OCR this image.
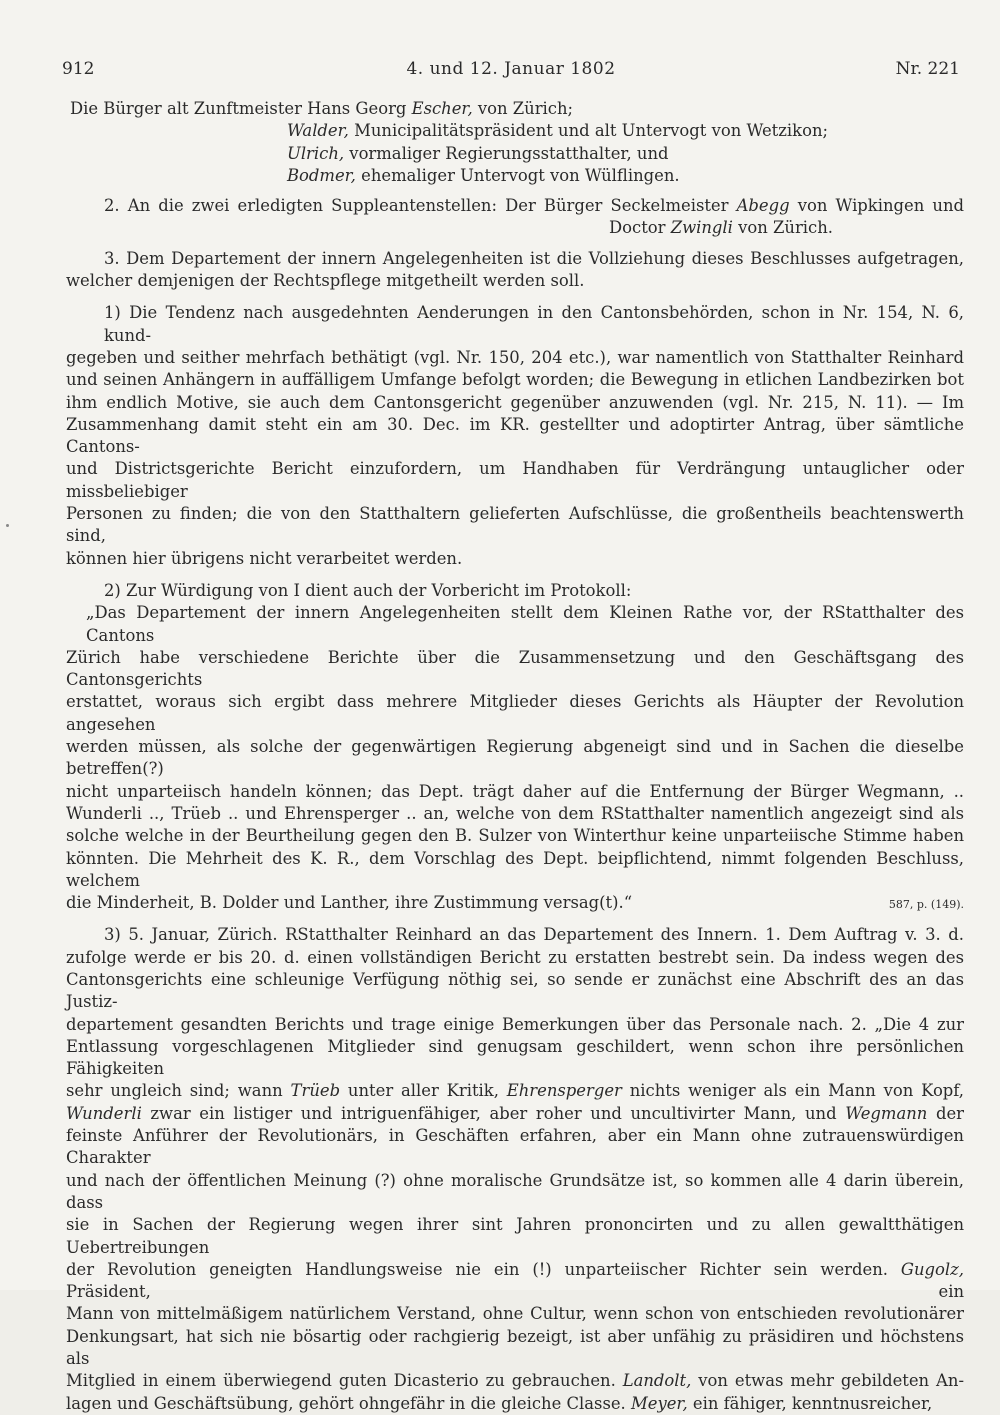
912	4. und 12. Januar 1802	Nr. 221

Die Bürger alt Zunftmeister Hans Georg Escher, von Zürich;

Walder, Municipalitätspräsident und alt Untervogt von Wetzikon;

Ulrich, vormaliger Regierungsstatthalter, und

Bodmer, ehemaliger Untervogt von Wülflingen.

2. An die zwei erledigten Suppleantenstellen: Der Bürger Seckelmeister Abegg von Wipkingen und

Doctor Zwingli von Zürich.

3. Dem Departement der innern Angelegenheiten ist die Vollziehung dieses Beschlusses aufgetragen,

welcher demjenigen der Rechtspflege mitgetheilt werden soll.

1) Die Tendenz nach ausgedehnten Aenderungen in den Cantonsbehörden, schon in Nr. 154, N. 6, kund-

gegeben und seither mehrfach bethätigt (vgl. Nr. 150, 204 etc.), war namentlich von Statthalter Reinhard

und seinen Anhängern in auffälligem Umfange befolgt worden; die Bewegung in etlichen Landbezirken bot

ihm endlich Motive, sie auch dem Cantonsgericht gegenüber anzuwenden (vgl. Nr. 215, N. 11). — Im

Zusammenhang damit steht ein am 30. Dec. im KR. gestellter und adoptirter Antrag, über sämtliche Cantons-

und Districtsgerichte Bericht einzufordern, um Handhaben für Verdrängung untauglicher oder missbeliebiger

Personen zu finden; die von den Statthaltern gelieferten Aufschlüsse, die großentheils beachtenswerth sind,

können hier übrigens nicht verarbeitet werden.

2) Zur Würdigung von I dient auch der Vorbericht im Protokoll:

„Das Departement der innern Angelegenheiten stellt dem Kleinen Rathe vor, der RStatthalter des Cantons

Zürich habe verschiedene Berichte über die Zusammensetzung und den Geschäftsgang des Cantonsgerichts

erstattet, woraus sich ergibt dass mehrere Mitglieder dieses Gerichts als Häupter der Revolution angesehen

werden müssen, als solche der gegenwärtigen Regierung abgeneigt sind und in Sachen die dieselbe betreffen(?)

nicht unparteiisch handeln können; das Dept. trägt daher auf die Entfernung der Bürger Wegmann, ..

Wunderli .., Trüeb .. und Ehrensperger .. an, welche von dem RStatthalter namentlich angezeigt sind als

solche welche in der Beurtheilung gegen den B. Sulzer von Winterthur keine unparteiische Stimme haben

könnten. Die Mehrheit des K. R., dem Vorschlag des Dept. beipflichtend, nimmt folgenden Beschluss, welchem

die Minderheit, B. Dolder und Lanther, ihre Zustimmung versag(t).“	587, p. (149).

3) 5. Januar, Zürich. RStatthalter Reinhard an das Departement des Innern. 1. Dem Auftrag v. 3. d.

zufolge werde er bis 20. d. einen vollständigen Bericht zu erstatten bestrebt sein. Da indess wegen des

Cantonsgerichts eine schleunige Verfügung nöthig sei, so sende er zunächst eine Abschrift des an das Justiz-

departement gesandten Berichts und trage einige Bemerkungen über das Personale nach. 2. „Die 4 zur

Entlassung vorgeschlagenen Mitglieder sind genugsam geschildert, wenn schon ihre persönlichen Fähigkeiten

sehr ungleich sind; wann Trüeb unter aller Kritik, Ehrensperger nichts weniger als ein Mann von Kopf,

Wunderli zwar ein listiger und intriguenfähiger, aber roher und uncultivirter Mann, und Wegmann der

feinste Anführer der Revolutionärs, in Geschäften erfahren, aber ein Mann ohne zutrauenswürdigen Charakter

und nach der öffentlichen Meinung (?) ohne moralische Grundsätze ist, so kommen alle 4 darin überein, dass

sie in Sachen der Regierung wegen ihrer sint Jahren prononcirten und zu allen gewaltthätigen Uebertreibungen

der Revolution geneigten Handlungsweise nie ein (!) unparteiischer Richter sein werden. Gugolz, Präsident, ein

Mann von mittelmäßigem natürlichem Verstand, ohne Cultur, wenn schon von entschieden revolutionärer

Denkungsart, hat sich nie bösartig oder rachgierig bezeigt, ist aber unfähig zu präsidiren und höchstens als

Mitglied in einem überwiegend guten Dicasterio zu gebrauchen. Landolt, von etwas mehr gebildeten An-

lagen und Geschäftsübung, gehört ohngefähr in die gleiche Classe. Meyer, ein fähiger, kenntnusreicher,
